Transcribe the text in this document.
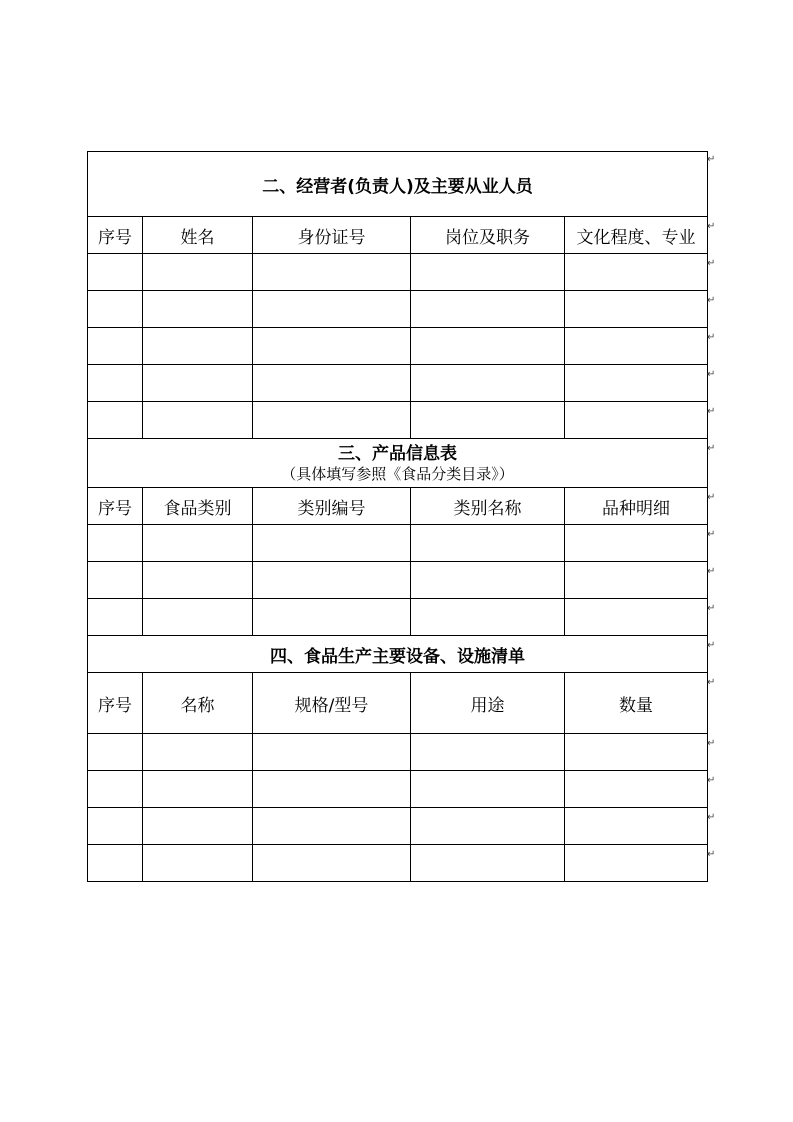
二、经营者(负责人)及主要从业人员				
序号	姓名	身份证号	岗位及职务	文化程度、专业

三、产品信息表
（具体填写参照《食品分类目录》）				

序号	食品类别	类别编号	类别名称	品种明细

四、食品生产主要设备、设施清单				
序号	名称	规格/型号	用途	数量

↵
↵
↵
↵
↵
↵
↵
↵
↵
↵
↵
↵
↵
↵
↵
↵
↵
↵
